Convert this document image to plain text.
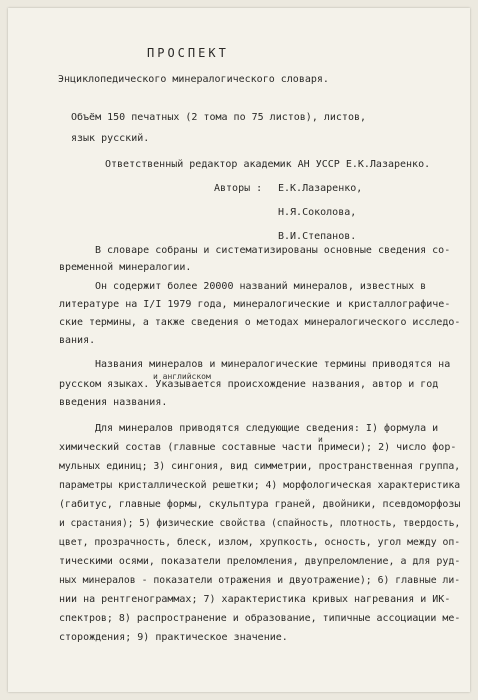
ПРОСПЕКТ
Энциклопедического минералогического словаря.
Объём 150 печатных (2 тома по 75 листов), листов,
язык русский.
Ответственный редактор академик АН УССР Е.К.Лазаренко.
Авторы : Е.К.Лазаренко,
Н.Я.Соколова,
В.И.Степанов.
В словаре собраны и систематизированы основные сведения со-
временной минералогии.
Он содержит более 20000 названий минералов, известных в
литературе на I/I 1979 года, минералогические и кристаллографиче-
ские термины, а также сведения о методах минералогического исследо-
вания.
Названия минералов и минералогические термины приводятся на
и английском
русском языках. Указывается происхождение названия, автор и год
введения названия.
Для минералов приводятся следующие сведения: I) формула и
и
химический состав (главные составные части примеси); 2) число фор-
мульных единиц; 3) сингония, вид симметрии, пространственная группа,
параметры кристаллической решетки; 4) морфологическая характеристика
(габитус, главные формы, скульптура граней, двойники, псевдоморфозы
и срастания); 5) физические свойства (спайность, плотность, твердость,
цвет, прозрачность, блеск, излом, хрупкость, осность, угол между оп-
тическими осями, показатели преломления, двупреломление, а для руд-
ных минералов - показатели отражения и двуотражение); 6) главные ли-
нии на рентгенограммах; 7) характеристика кривых нагревания и ИК-
спектров; 8) распространение и образование, типичные ассоциации ме-
сторождения; 9) практическое значение.
